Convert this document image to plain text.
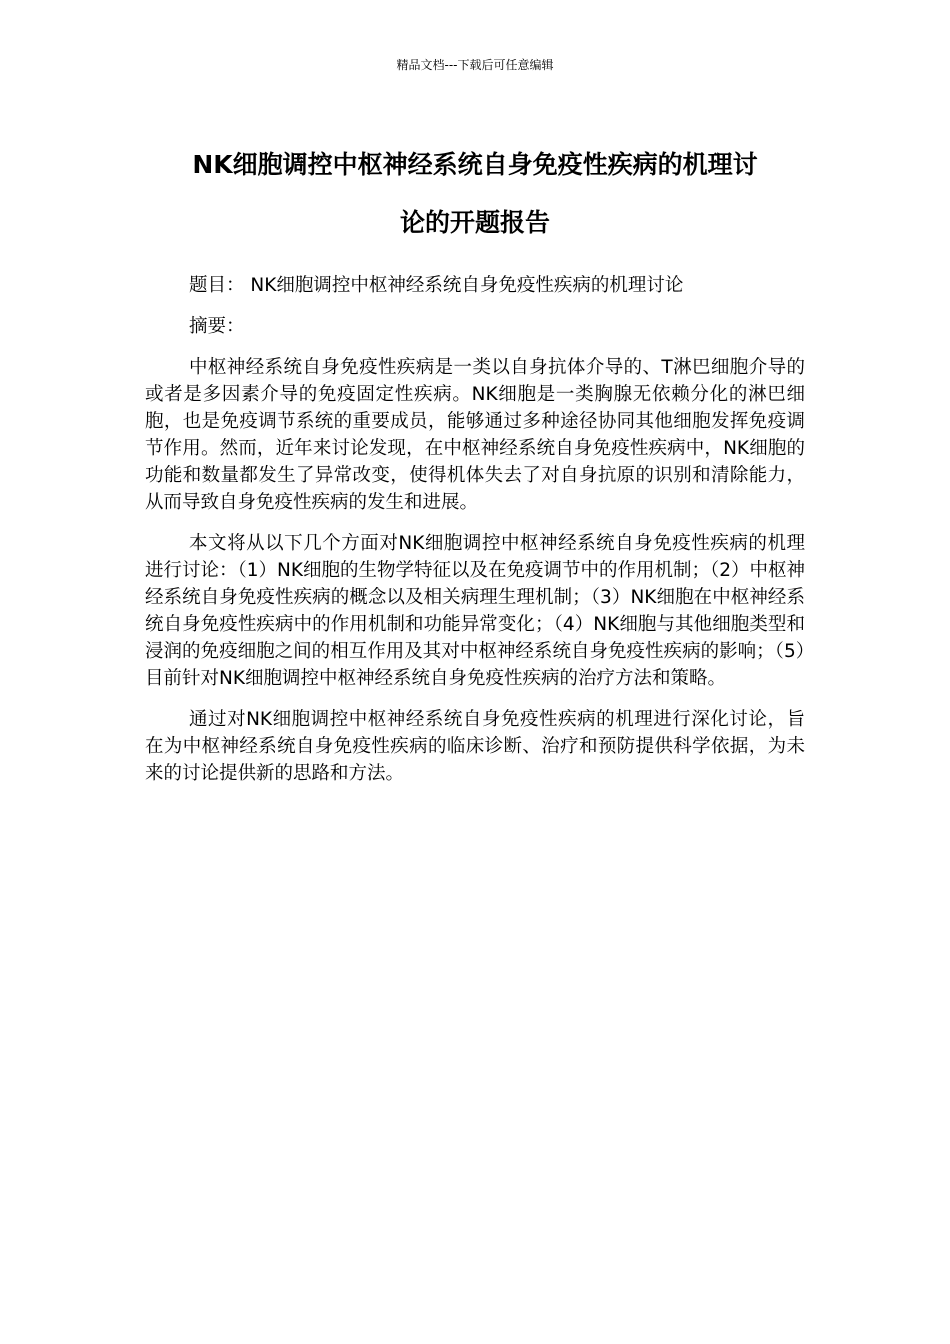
精品文档---下载后可任意编辑
NK细胞调控中枢神经系统自身免疫性疾病的机理讨
论的开题报告

题目： NK细胞调控中枢神经系统自身免疫性疾病的机理讨论

摘要：

中枢神经系统自身免疫性疾病是一类以自身抗体介导的、T淋巴细胞介导的或者是多因素介导的免疫固定性疾病。NK细胞是一类胸腺无依赖分化的淋巴细胞，也是免疫调节系统的重要成员，能够通过多种途径协同其他细胞发挥免疫调节作用。然而，近年来讨论发现，在中枢神经系统自身免疫性疾病中，NK细胞的功能和数量都发生了异常改变，使得机体失去了对自身抗原的识别和清除能力，从而导致自身免疫性疾病的发生和进展。

本文将从以下几个方面对NK细胞调控中枢神经系统自身免疫性疾病的机理进行讨论：（1）NK细胞的生物学特征以及在免疫调节中的作用机制；（2）中枢神经系统自身免疫性疾病的概念以及相关病理生理机制；（3）NK细胞在中枢神经系统自身免疫性疾病中的作用机制和功能异常变化；（4）NK细胞与其他细胞类型和浸润的免疫细胞之间的相互作用及其对中枢神经系统自身免疫性疾病的影响；（5）目前针对NK细胞调控中枢神经系统自身免疫性疾病的治疗方法和策略。

通过对NK细胞调控中枢神经系统自身免疫性疾病的机理进行深化讨论，旨在为中枢神经系统自身免疫性疾病的临床诊断、治疗和预防提供科学依据，为未来的讨论提供新的思路和方法。
